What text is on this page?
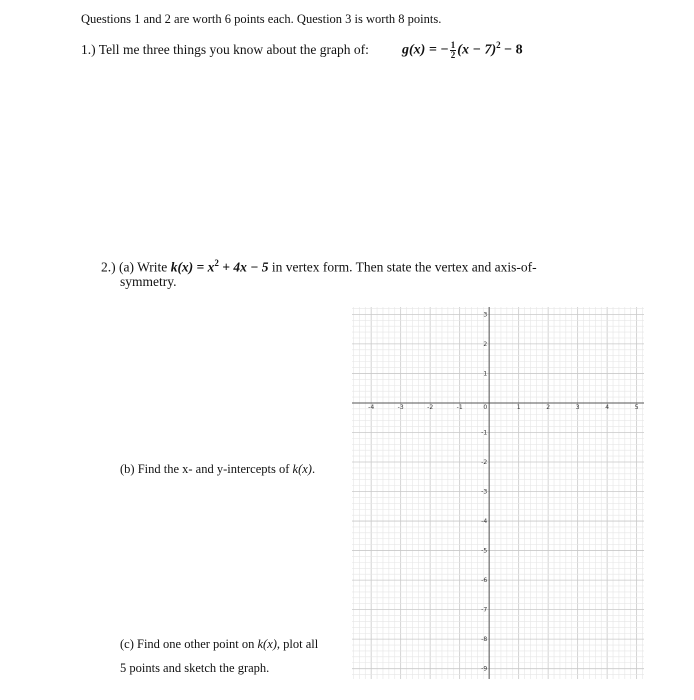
Questions 1 and 2 are worth 6 points each. Question 3 is worth 8 points.
1.) Tell me three things you know about the graph of: g(x) = − $\frac{1}{2} (x - 7)^2 - 8$
2.) (a) Write $k(x) = x^2 + 4x - 5$ in vertex form. Then state the vertex and axis-of-
symmetry.
(b) Find the x- and y-intercepts of k(x).
(c) Find one other point on k(x), plot all
5 points and sketch the graph.
-4	-3	-2	-1	0	1	2	3	4	5
3
2
1
-1
-2
-3
-4
-5
-6
-7
-8
-9
